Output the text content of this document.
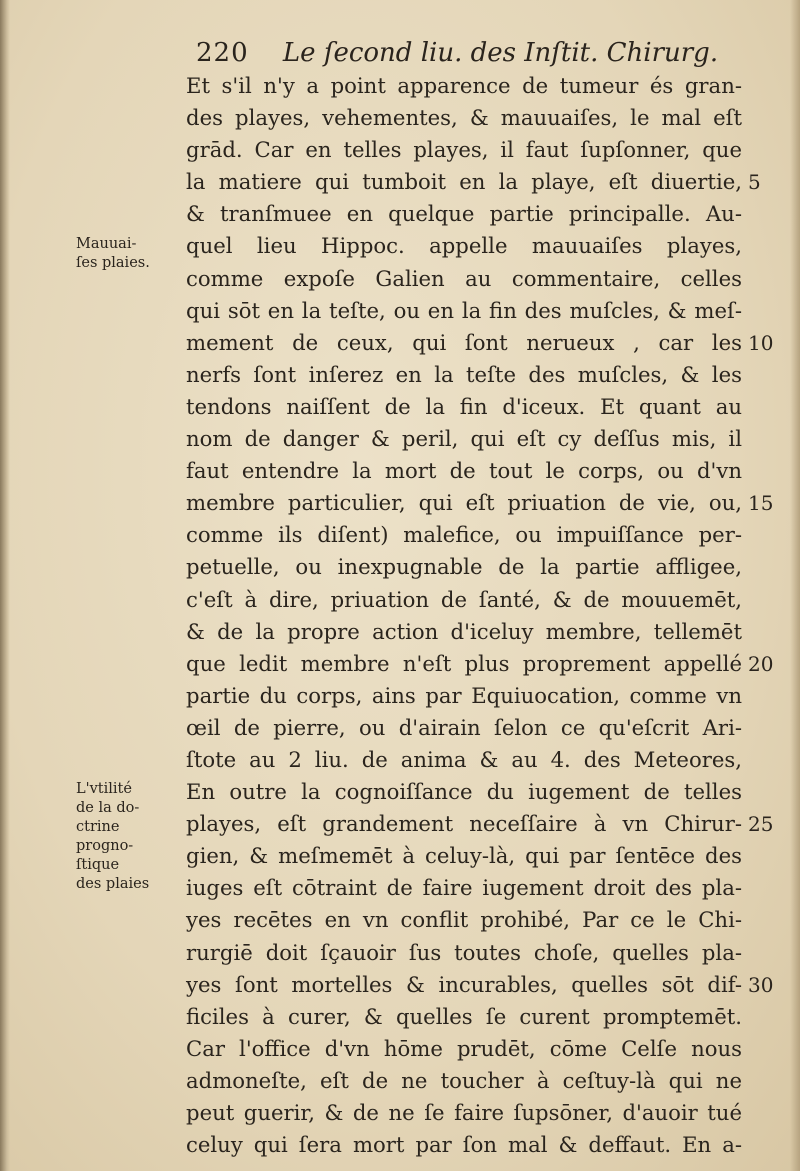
220 Le ſecond liu. des Inſtit. Chirurg.
Et s'il n'y a point apparence de tumeur és gran-
des playes, vehementes, & mauuaiſes, le mal eſt
grād. Car en telles playes, il faut ſupſonner, que
la matiere qui tumboit en la playe, eſt diuertie,
& tranſmuee en quelque partie principalle. Au-
quel lieu Hippoc. appelle mauuaiſes playes,
comme expoſe Galien au commentaire, celles
qui sōt en la teſte, ou en la fin des muſcles, & meſ-
mement de ceux, qui ſont nerueux , car les
nerfs ſont inſerez en la teſte des muſcles, & les
tendons naiſſent de la fin d'iceux. Et quant au
nom de danger & peril, qui eſt cy deſſus mis, il
faut entendre la mort de tout le corps, ou d'vn
membre particulier, qui eſt priuation de vie, ou,
comme ils diſent) malefice, ou impuiſſance per-
petuelle, ou inexpugnable de la partie affligee,
c'eſt à dire, priuation de ſanté, & de mouuemēt,
& de la propre action d'iceluy membre, tellemēt
que ledit membre n'eſt plus proprement appellé
partie du corps, ains par Equiuocation, comme vn
œil de pierre, ou d'airain ſelon ce qu'eſcrit Ari-
ſtote au 2 liu. de anima & au 4. des Meteores,
En outre la cognoiſſance du iugement de telles
playes, eſt grandement neceſſaire à vn Chirur-
gien, & meſmemēt à celuy-là, qui par ſentēce des
iuges eſt cōtraint de faire iugement droit des pla-
yes recētes en vn conflit prohibé, Par ce le Chi-
rurgiē doit ſçauoir ſus toutes choſe, quelles pla-
yes ſont mortelles & incurables, quelles sōt dif-
ficiles à curer, & quelles ſe curent promptemēt.
Car l'office d'vn hōme prudēt, cōme Celſe nous
admoneſte, eſt de ne toucher à ceſtuy-là qui ne
peut guerir, & de ne ſe faire ſupsōner, d'auoir tué
celuy qui ſera mort par ſon mal & deffaut. En a-
Mauuai-
ſes plaies.
L'vtilité
de la do-
ctrine
progno-
ſtique
des plaies
5
10
15
20
25
30
